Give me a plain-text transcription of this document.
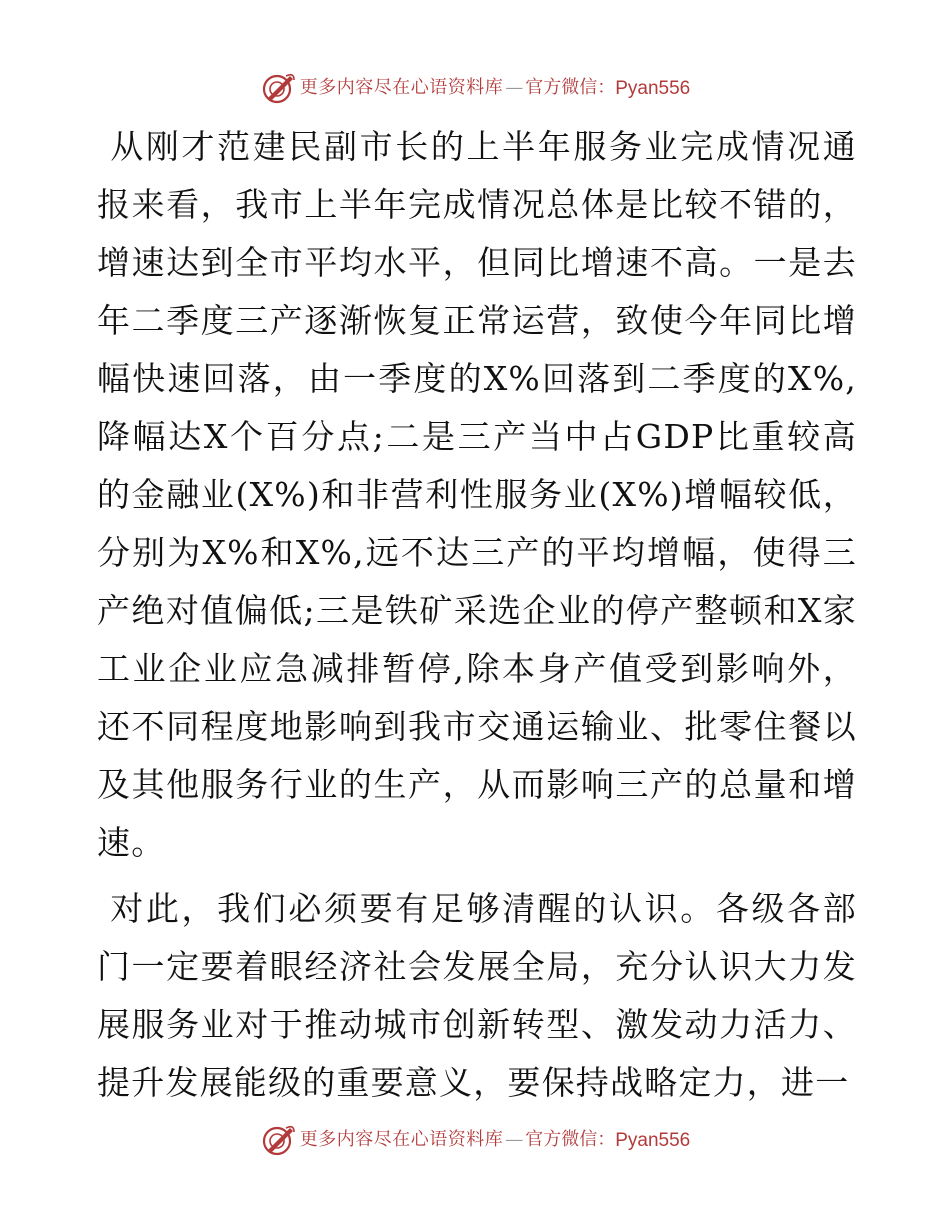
更多内容尽在心语资料库 — 官方微信： Pyan556

从刚才范建民副市长的上半年服务业完成情况通报来看，我市上半年完成情况总体是比较不错的，增速达到全市平均水平，但同比增速不高。一是去年二季度三产逐渐恢复正常运营，致使今年同比增幅快速回落，由一季度的X%回落到二季度的X%,降幅达X个百分点;二是三产当中占GDP比重较高的金融业(X%)和非营利性服务业(X%)增幅较低，分别为X%和X%,远不达三产的平均增幅，使得三产绝对值偏低;三是铁矿采选企业的停产整顿和X家工业企业应急减排暂停,除本身产值受到影响外，还不同程度地影响到我市交通运输业、批零住餐以及其他服务行业的生产，从而影响三产的总量和增速。

对此，我们必须要有足够清醒的认识。各级各部门一定要着眼经济社会发展全局，充分认识大力发展服务业对于推动城市创新转型、激发动力活力、提升发展能级的重要意义，要保持战略定力，进一

更多内容尽在心语资料库 — 官方微信： Pyan556
